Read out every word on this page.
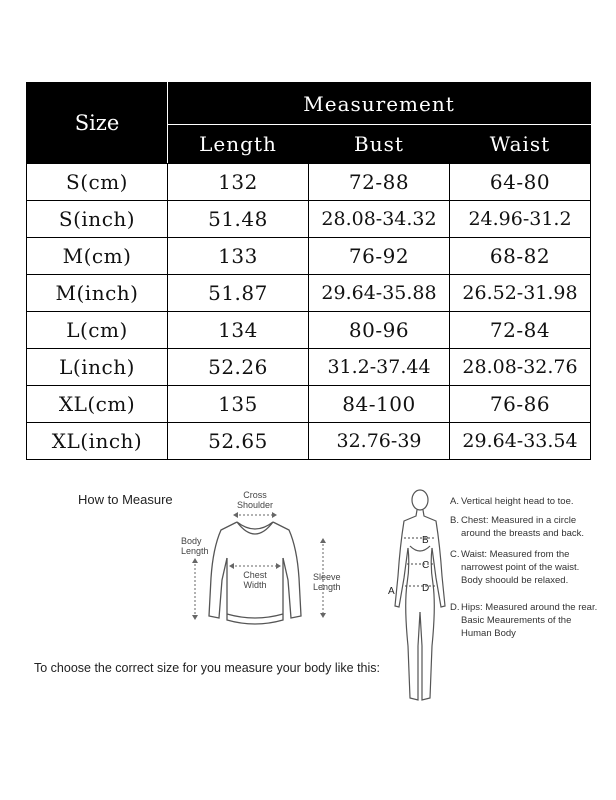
Size	Measurement		
	Length	Bust	Waist
S(cm)	132	72-88	64-80
S(inch)	51.48	28.08-34.32	24.96-31.2
M(cm)	133	76-92	68-82
M(inch)	51.87	29.64-35.88	26.52-31.98
L(cm)	134	80-96	72-84
L(inch)	52.26	31.2-37.44	28.08-32.76
XL(cm)	135	84-100	76-86
XL(inch)	52.65	32.76-39	29.64-33.54
How to Measure	Cross
Shoulder
Body
Length
Chest
Width
Sleeve
Length
To choose the correct size for you measure your body like this:
B
C
D
A
A. Vertical height head to toe.
B. Chest: Measured in a circle around the breasts and back.
C. Waist: Measured from the narrowest point of the waist. Body shoould be relaxed.
D. Hips: Measured around the rear. Basic Meaurements of the Human Body
